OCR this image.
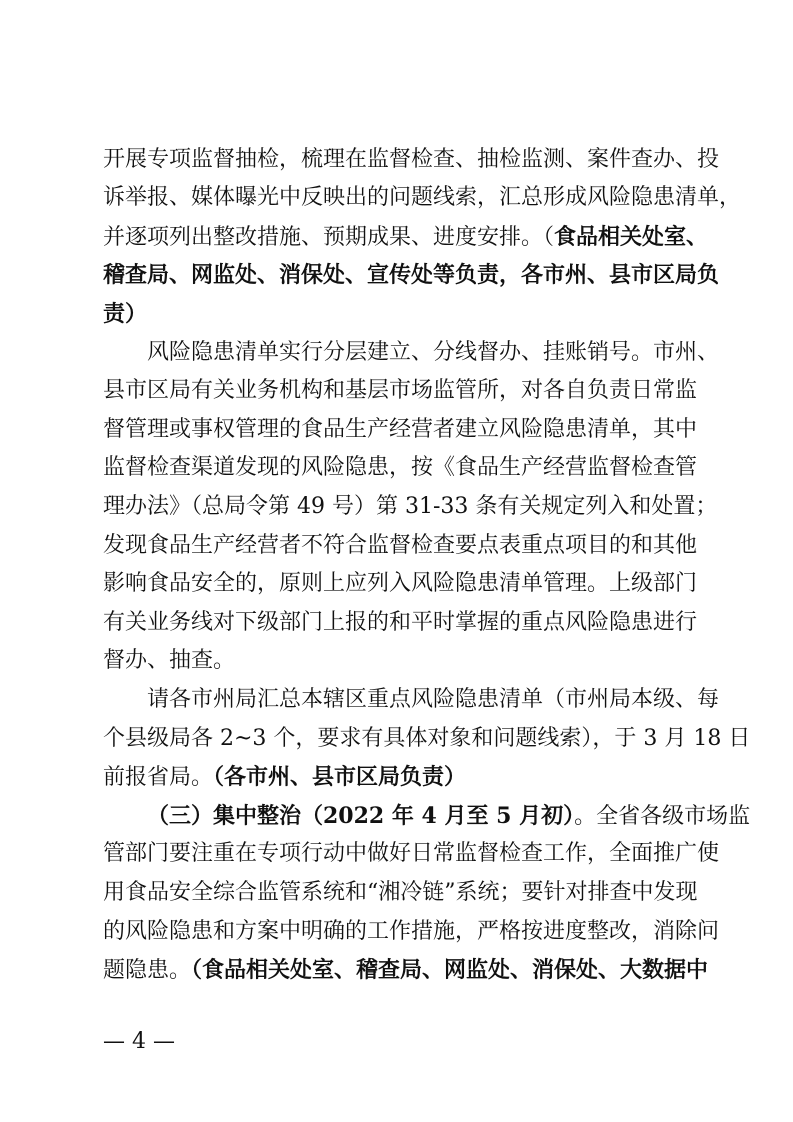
开展专项监督抽检，梳理在监督检查、抽检监测、案件查办、投
诉举报、媒体曝光中反映出的问题线索，汇总形成风险隐患清单，
并逐项列出整改措施、预期成果、进度安排。（食品相关处室、
稽查局、网监处、消保处、宣传处等负责，各市州、县市区局负
责）
风险隐患清单实行分层建立、分线督办、挂账销号。市州、
县市区局有关业务机构和基层市场监管所，对各自负责日常监
督管理或事权管理的食品生产经营者建立风险隐患清单，其中
监督检查渠道发现的风险隐患，按《食品生产经营监督检查管
理办法》（总局令第 49 号）第 31-33 条有关规定列入和处置；
发现食品生产经营者不符合监督检查要点表重点项目的和其他
影响食品安全的，原则上应列入风险隐患清单管理。上级部门
有关业务线对下级部门上报的和平时掌握的重点风险隐患进行
督办、抽查。
请各市州局汇总本辖区重点风险隐患清单（市州局本级、每
个县级局各 2~3 个，要求有具体对象和问题线索），于 3 月 18 日
前报省局。（各市州、县市区局负责）
（三）集中整治（2022 年 4 月至 5 月初）。全省各级市场监
管部门要注重在专项行动中做好日常监督检查工作，全面推广使
用食品安全综合监管系统和“湘冷链”系统；要针对排查中发现
的风险隐患和方案中明确的工作措施，严格按进度整改，消除问
题隐患。（食品相关处室、稽查局、网监处、消保处、大数据中
— 4 —
